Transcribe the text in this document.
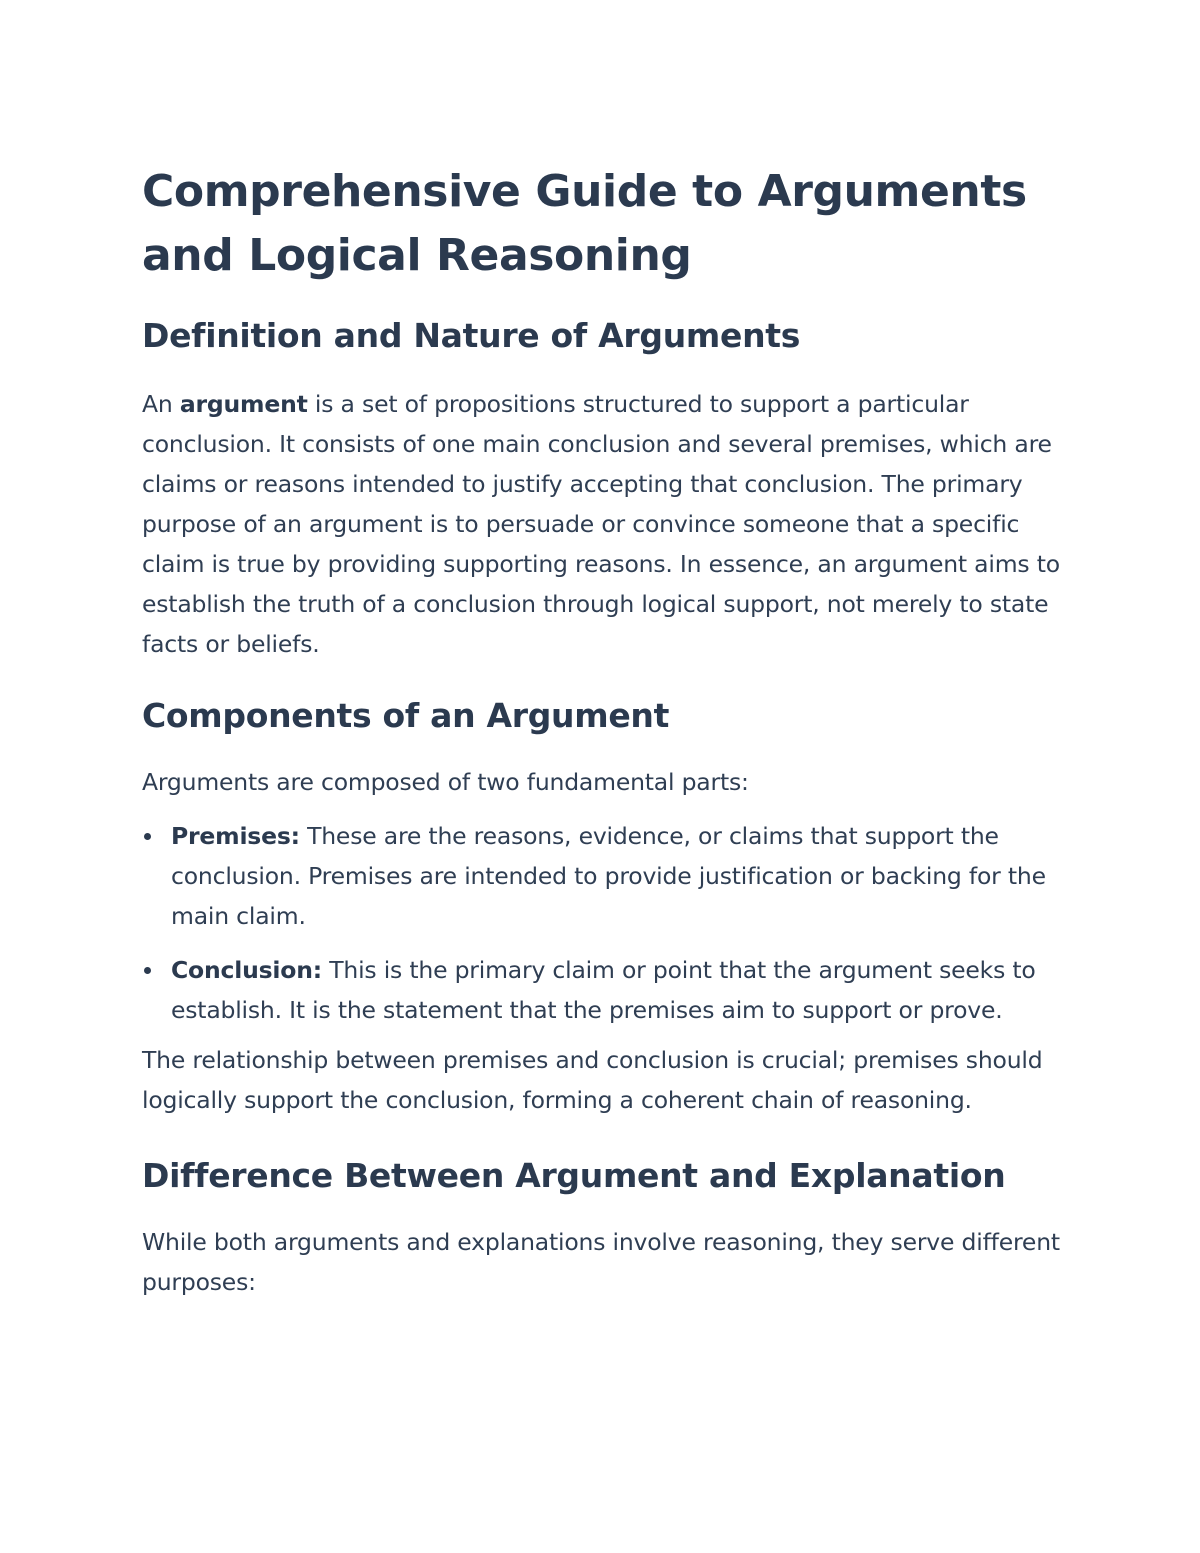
Comprehensive Guide to Arguments and Logical Reasoning
Definition and Nature of Arguments

An argument is a set of propositions structured to support a particular conclusion. It consists of one main conclusion and several premises, which are claims or reasons intended to justify accepting that conclusion. The primary purpose of an argument is to persuade or convince someone that a specific claim is true by providing supporting reasons. In essence, an argument aims to establish the truth of a conclusion through logical support, not merely to state facts or beliefs.

Components of an Argument

Arguments are composed of two fundamental parts:

Premises: These are the reasons, evidence, or claims that support the conclusion. Premises are intended to provide justification or backing for the main claim.
Conclusion: This is the primary claim or point that the argument seeks to establish. It is the statement that the premises aim to support or prove.

The relationship between premises and conclusion is crucial; premises should logically support the conclusion, forming a coherent chain of reasoning.

Difference Between Argument and Explanation

While both arguments and explanations involve reasoning, they serve different purposes:
